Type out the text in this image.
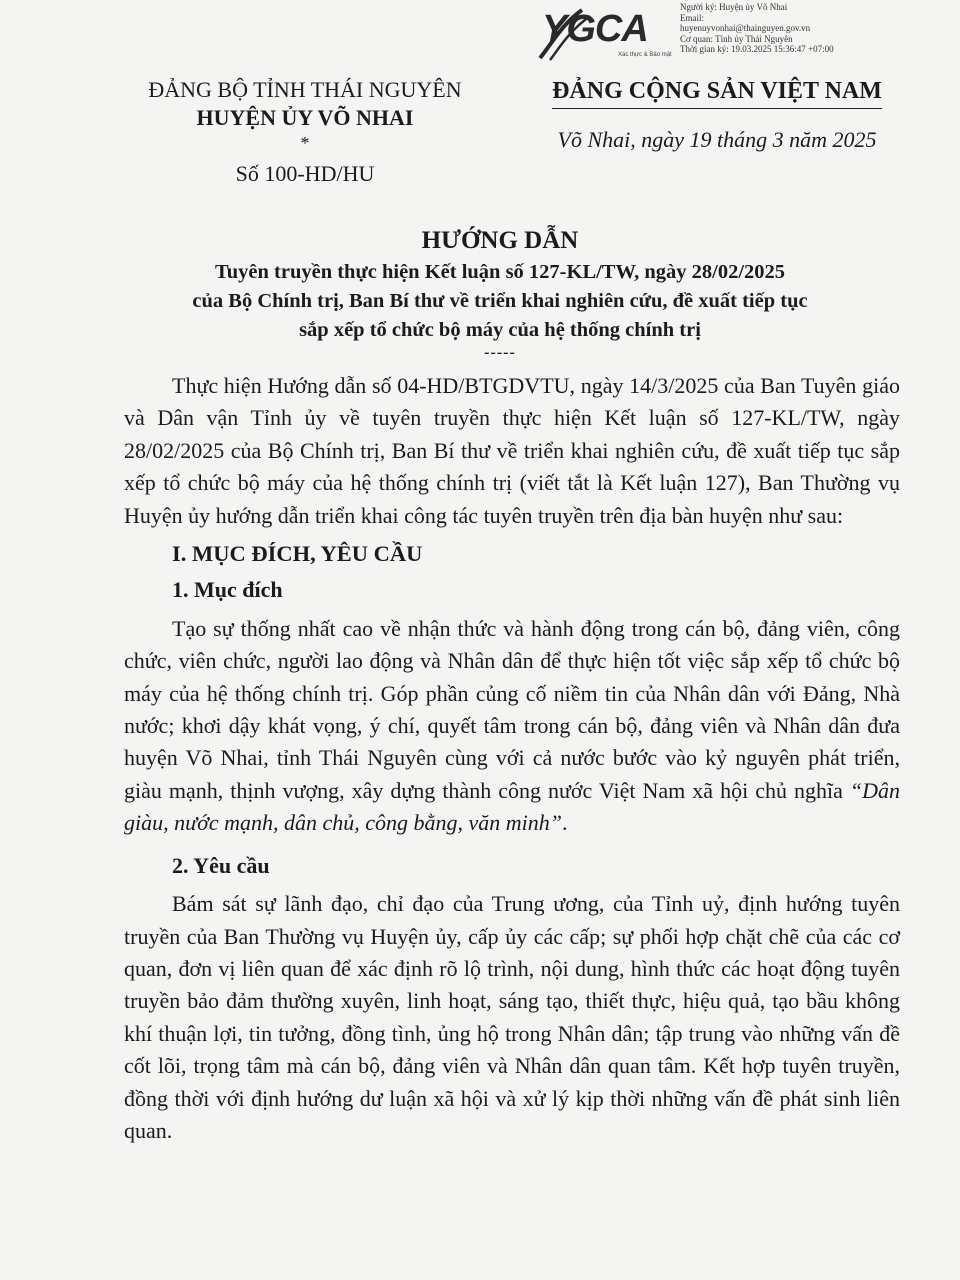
YGCA
Xác thực & Bảo mật
Người ký: Huyện ủy Võ Nhai
Email:
huyenuyvonhai@thainguyen.gov.vn
Cơ quan: Tỉnh ủy Thái Nguyên
Thời gian ký: 19.03.2025 15:36:47 +07:00
ĐẢNG BỘ TỈNH THÁI NGUYÊN
HUYỆN ỦY VÕ NHAI
*
Số 100-HD/HU
ĐẢNG CỘNG SẢN VIỆT NAM
Võ Nhai, ngày 19 tháng 3 năm 2025
HƯỚNG DẪN
Tuyên truyền thực hiện Kết luận số 127-KL/TW, ngày 28/02/2025
của Bộ Chính trị, Ban Bí thư về triển khai nghiên cứu, đề xuất tiếp tục
sắp xếp tổ chức bộ máy của hệ thống chính trị
-----

Thực hiện Hướng dẫn số 04-HD/BTGDVTU, ngày 14/3/2025 của Ban Tuyên giáo và Dân vận Tỉnh ủy về tuyên truyền thực hiện Kết luận số 127-KL/TW, ngày 28/02/2025 của Bộ Chính trị, Ban Bí thư về triển khai nghiên cứu, đề xuất tiếp tục sắp xếp tổ chức bộ máy của hệ thống chính trị (viết tắt là Kết luận 127), Ban Thường vụ Huyện ủy hướng dẫn triển khai công tác tuyên truyền trên địa bàn huyện như sau:

I. MỤC ĐÍCH, YÊU CẦU
1. Mục đích

Tạo sự thống nhất cao về nhận thức và hành động trong cán bộ, đảng viên, công chức, viên chức, người lao động và Nhân dân để thực hiện tốt việc sắp xếp tổ chức bộ máy của hệ thống chính trị. Góp phần củng cố niềm tin của Nhân dân với Đảng, Nhà nước; khơi dậy khát vọng, ý chí, quyết tâm trong cán bộ, đảng viên và Nhân dân đưa huyện Võ Nhai, tỉnh Thái Nguyên cùng với cả nước bước vào kỷ nguyên phát triển, giàu mạnh, thịnh vượng, xây dựng thành công nước Việt Nam xã hội chủ nghĩa “Dân giàu, nước mạnh, dân chủ, công bằng, văn minh”.

2. Yêu cầu

Bám sát sự lãnh đạo, chỉ đạo của Trung ương, của Tỉnh uỷ, định hướng tuyên truyền của Ban Thường vụ Huyện ủy, cấp ủy các cấp; sự phối hợp chặt chẽ của các cơ quan, đơn vị liên quan để xác định rõ lộ trình, nội dung, hình thức các hoạt động tuyên truyền bảo đảm thường xuyên, linh hoạt, sáng tạo, thiết thực, hiệu quả, tạo bầu không khí thuận lợi, tin tưởng, đồng tình, ủng hộ trong Nhân dân; tập trung vào những vấn đề cốt lõi, trọng tâm mà cán bộ, đảng viên và Nhân dân quan tâm. Kết hợp tuyên truyền, đồng thời với định hướng dư luận xã hội và xử lý kịp thời những vấn đề phát sinh liên quan.
